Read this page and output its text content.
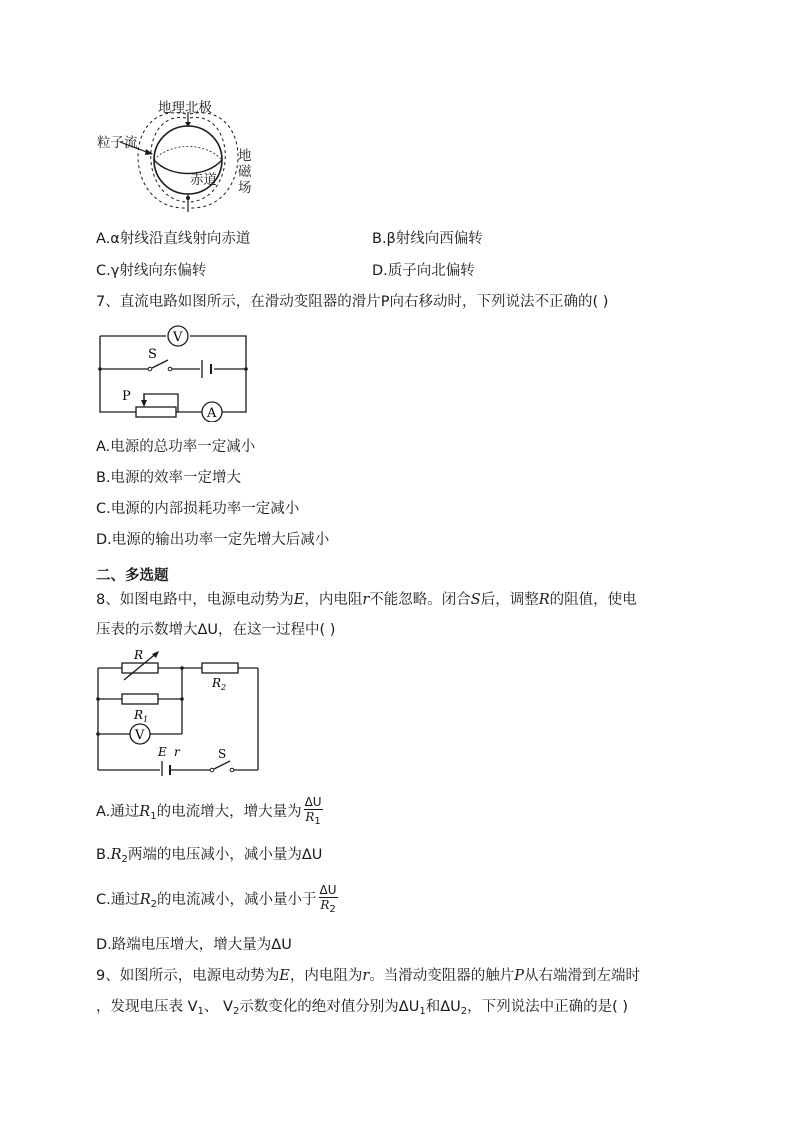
地理北极
粒子流
赤道
地
磁
场
A.α射线沿直线射向赤道	B.β射线向西偏转
C.γ射线向东偏转	D.质子向北偏转
7、直流电路如图所示，在滑动变阻器的滑片P向右移动时，下列说法不正确的( )
V
S
P
A
A.电源的总功率一定减小
B.电源的效率一定增大
C.电源的内部损耗功率一定减小
D.电源的输出功率一定先增大后减小
二、多选题
8、如图电路中，电源电动势为E，内电阻r不能忽略。闭合S后，调整R的阻值，使电
压表的示数增大ΔU，在这一过程中( )
R
$R_2$
$R_1$
V
E r	S
A.通过$R_1$的电流增大，增大量为 $\frac{\Delta U}{R_1}$
$B.R_2$两端的电压减小，减小量为ΔU
C.通过$R_2$的电流减小，减小量小于 $\frac{\Delta U}{R_2}$
D.路端电压增大，增大量为ΔU
9、如图所示，电源电动势为E，内电阻为r。当滑动变阻器的触片P从右端滑到左端时
，发现电压表 $V_1$、 $V_2$示数变化的绝对值分别为$\Delta U_1$和$\Delta U_2$，下列说法中正确的是( )
